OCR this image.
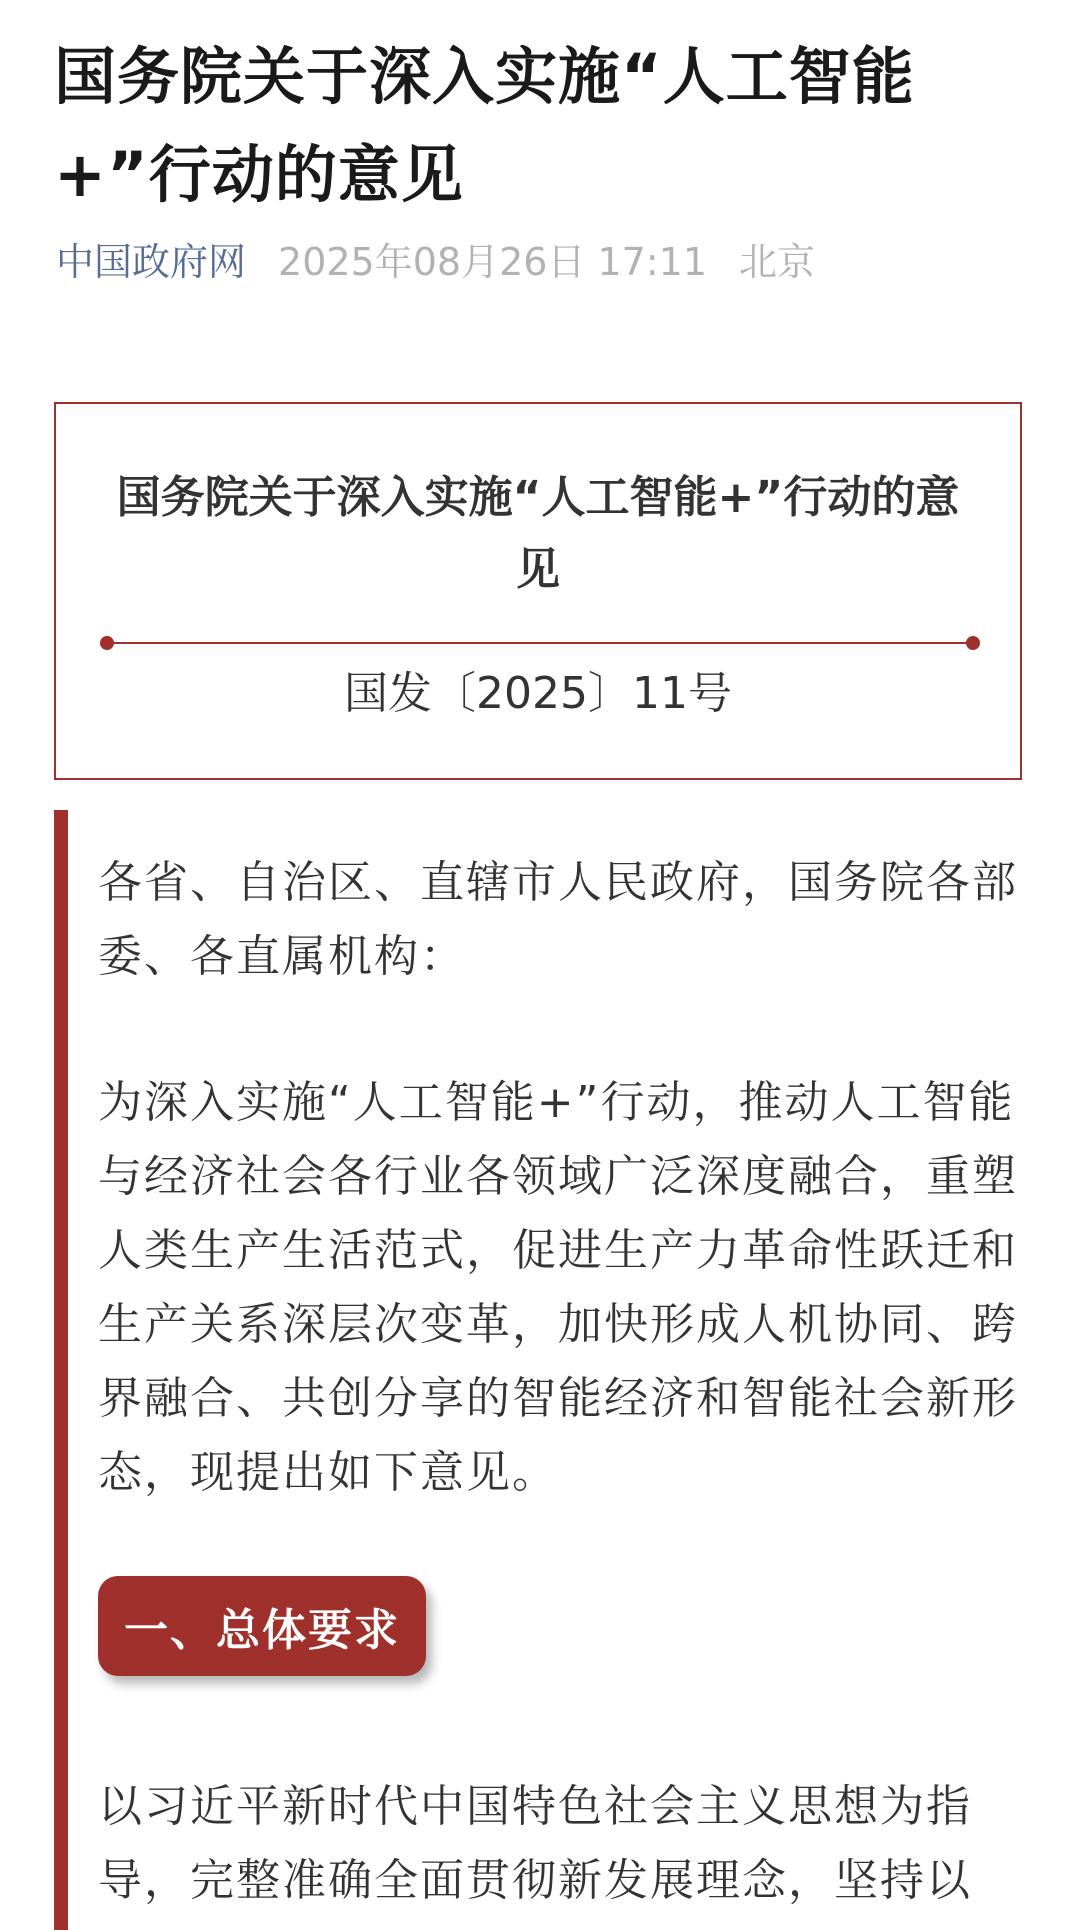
国务院关于深入实施“人工智能+”行动的意见
中国政府网 2025年08月26日 17:11 北京
国务院关于深入实施“人工智能+”行动的意见
国发〔2025〕11号

各省、自治区、直辖市人民政府，国务院各部委、各直属机构：

为深入实施“人工智能+”行动，推动人工智能与经济社会各行业各领域广泛深度融合，重塑人类生产生活范式，促进生产力革命性跃迁和生产关系深层次变革，加快形成人机协同、跨界融合、共创分享的智能经济和智能社会新形态，现提出如下意见。

一、总体要求

以习近平新时代中国特色社会主义思想为指导，完整准确全面贯彻新发展理念，坚持以
